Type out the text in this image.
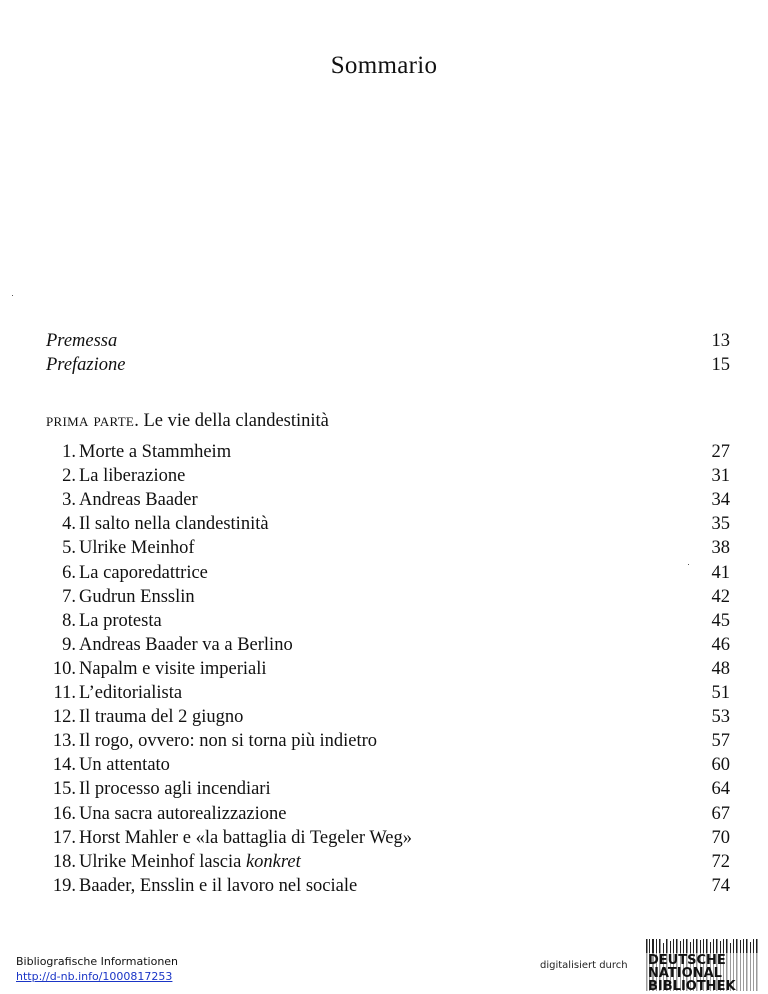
Sommario
Premessa	13
Prefazione	15
prima parte. Le vie della clandestinità
1. Morte a Stammheim	27
2. La liberazione	31
3. Andreas Baader	34
4. Il salto nella clandestinità	35
5. Ulrike Meinhof	38
6. La caporedattrice	41
7. Gudrun Ensslin	42
8. La protesta	45
9. Andreas Baader va a Berlino	46
10. Napalm e visite imperiali	48
11. L’editorialista	51
12. Il trauma del 2 giugno	53
13. Il rogo, ovvero: non si torna più indietro	57
14. Un attentato	60
15. Il processo agli incendiari	64
16. Una sacra autorealizzazione	67
17. Horst Mahler e «la battaglia di Tegeler Weg»	70
18. Ulrike Meinhof lascia konkret	72
19. Baader, Ensslin e il lavoro nel sociale	74
Bibliografische Informationen
http://d-nb.info/1000817253
digitalisiert durch DEUTSCHE
NATIONAL
BIBLIOTHEK
